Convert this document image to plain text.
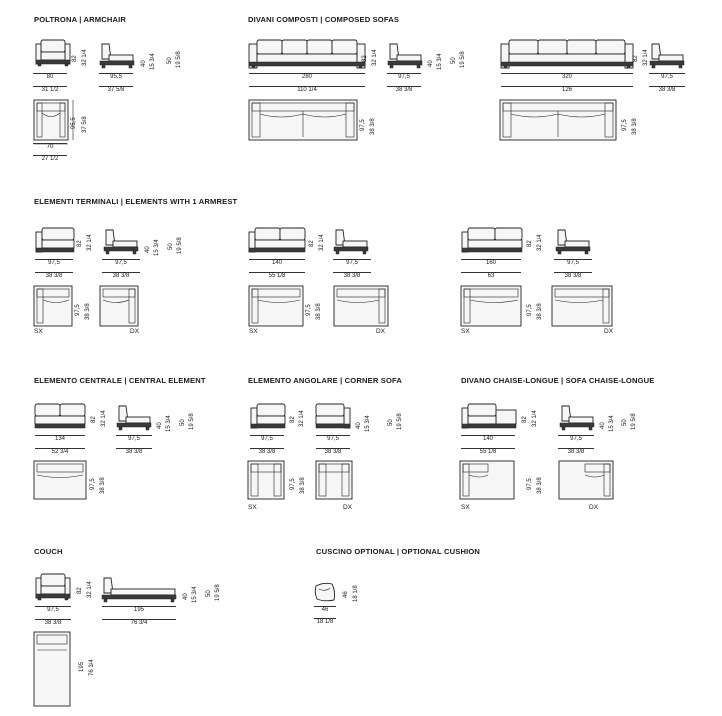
POLTRONA | ARMCHAIR	DIVANI COMPOSTI | COMPOSED SOFAS
ELEMENTI TERMINALI | ELEMENTS WITH 1 ARMREST
ELEMENTO CENTRALE | CENTRAL ELEMENT	ELEMENTO ANGOLARE | CORNER SOFA	DIVANO CHAISE-LONGUE | SOFA CHAISE-LONGUE
COUCH	CUSCINO OPTIONAL | OPTIONAL CUSHION
80
31 1/2
95,5
37 5/8
70
27 1/2
82 32 1/4	40 15 3/4 50 19 5/8
95,5 37 5/8
280
110 1/4
82 32 1/4
97,5
38 3/8
40 15 3/4 50 19 5/8
97,5 38 3/8
320
126
82 32 1/4
97,5
38 3/8
97,5 38 3/8
97,5
38 3/8
97,5
38 3/8
82 32 1/4	40 15 3/4 50 19 5/8
97,5 38 3/8
SX	DX
140
55 1/8
97,5
38 3/8
82 32 1/4
97,5 38 3/8
SX	DX
160
63
97,5
38 3/8
82 32 1/4
97,5 38 3/8
SX	DX
134
52 3/4
97,5
38 3/8
82 32 1/4	40 15 3/4 50 19 5/8
97,5 38 3/8
97,5
38 3/8
97,5
38 3/8
82 32 1/4	40 15 3/4	50 19 5/8
97,5 38 3/8
SX	DX
140
55 1/8
97,5
38 3/8
82 32 1/4	40 15 3/4 50 19 5/8
97,5 38 3/8
SX	DX
97,5
38 3/8
195
76 3/4
82 32 1/4	40 15 3/4 50 19 5/8
195 76 3/4
46
18 1/8
46 18 1/8
